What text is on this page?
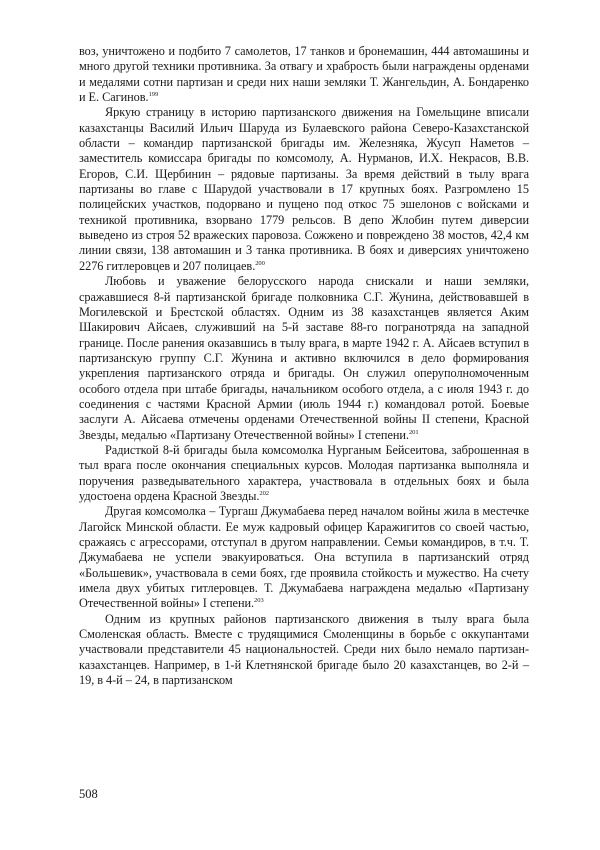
воз, уничтожено и подбито 7 самолетов, 17 танков и бронемашин, 444 автомашины и много другой техники противника. За отвагу и храбрость были награждены орденами и медалями сотни партизан и среди них наши земляки Т. Жангельдин, А. Бондаренко и Е. Сагинов.$^{199}$

Яркую страницу в историю партизанского движения на Гомельщине вписали казахстанцы Василий Ильич Шаруда из Булаевского района Северо-Казахстанской области – командир партизанской бригады им. Железняка, Жусуп Наметов – заместитель комиссара бригады по комсомолу, А. Нурманов, И.Х. Некрасов, В.В. Егоров, С.И. Щербинин – рядовые партизаны. За время действий в тылу врага партизаны во главе с Шарудой участвовали в 17 крупных боях. Разгромлено 15 полицейских участков, подорвано и пущено под откос 75 эшелонов с войсками и техникой противника, взорвано 1779 рельсов. В депо Жлобин путем диверсии выведено из строя 52 вражеских паровоза. Сожжено и повреждено 38 мостов, 42,4 км линии связи, 138 автомашин и 3 танка противника. В боях и диверсиях уничтожено 2276 гитлеровцев и 207 полицаев.$^{200}$

Любовь и уважение белорусского народа снискали и наши земляки, сражавшиеся 8-й партизанской бригаде полковника С.Г. Жунина, действовавшей в Могилевской и Брестской областях. Одним из 38 казахстанцев является Аким Шакирович Айсаев, служивший на 5-й заставе 88-го погранотряда на западной границе. После ранения оказавшись в тылу врага, в марте 1942 г. А. Айсаев вступил в партизанскую группу С.Г. Жунина и активно включился в дело формирования укрепления партизанского отряда и бригады. Он служил оперуполномоченным особого отдела при штабе бригады, начальником особого отдела, а с июля 1943 г. до соединения с частями Красной Армии (июль 1944 г.) командовал ротой. Боевые заслуги А. Айсаева отмечены орденами Отечественной войны II степени, Красной Звезды, медалью «Партизану Отечественной войны» I степени.$^{201}$

Радисткой 8-й бригады была комсомолка Нурганым Бейсеитова, заброшенная в тыл врага после окончания специальных курсов. Молодая партизанка выполняла и поручения разведывательного характера, участвовала в отдельных боях и была удостоена ордена Красной Звезды.$^{202}$

Другая комсомолка – Тургаш Джумабаева перед началом войны жила в местечке Лагойск Минской области. Ее муж кадровый офицер Каражигитов со своей частью, сражаясь с агрессорами, отступал в другом направлении. Семьи командиров, в т.ч. Т. Джумабаева не успели эвакуироваться. Она вступила в партизанский отряд «Большевик», участвовала в семи боях, где проявила стойкость и мужество. На счету имела двух убитых гитлеровцев. Т. Джумабаева награждена медалью «Партизану Отечественной войны» I степени.$^{203}$

Одним из крупных районов партизанского движения в тылу врага была Смоленская область. Вместе с трудящимися Смоленщины в борьбе с оккупантами участвовали представители 45 национальностей. Среди них было немало партизан-казахстанцев. Например, в 1-й Клетнянской бригаде было 20 казахстанцев, во 2-й – 19, в 4-й – 24, в партизанском

508
